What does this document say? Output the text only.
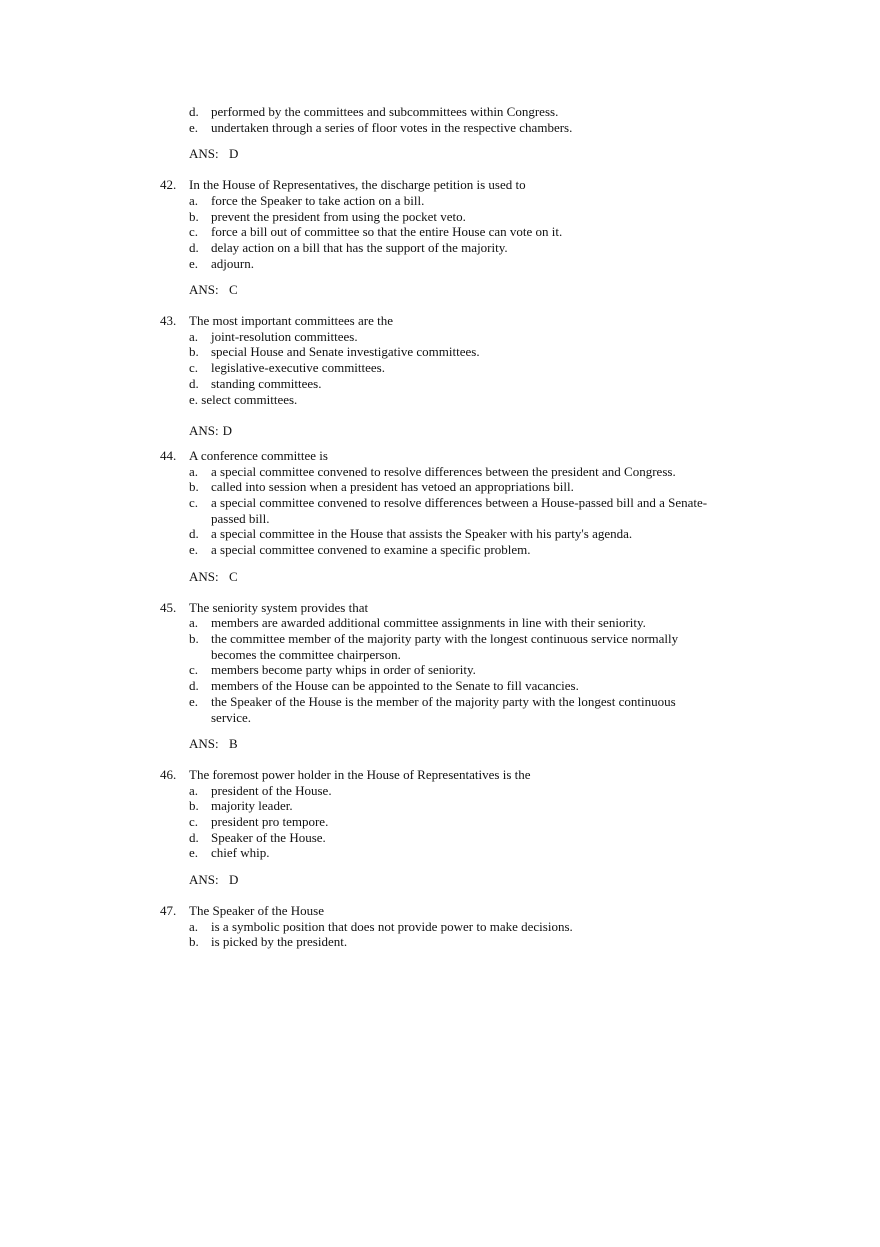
d. performed by the committees and subcommittees within Congress.
e. undertaken through a series of floor votes in the respective chambers.
ANS: D
42. In the House of Representatives, the discharge petition is used to
a. force the Speaker to take action on a bill.
b. prevent the president from using the pocket veto.
c. force a bill out of committee so that the entire House can vote on it.
d. delay action on a bill that has the support of the majority.
e. adjourn.
ANS: C
43. The most important committees are the
a. joint-resolution committees.
b. special House and Senate investigative committees.
c. legislative-executive committees.
d. standing committees.
e. select committees.
ANS: D
44. A conference committee is
a. a special committee convened to resolve differences between the president and Congress.
b. called into session when a president has vetoed an appropriations bill.
c. a special committee convened to resolve differences between a House-passed bill and a Senate-passed bill.
d. a special committee in the House that assists the Speaker with his party's agenda.
e. a special committee convened to examine a specific problem.
ANS: C
45. The seniority system provides that
a. members are awarded additional committee assignments in line with their seniority.
b. the committee member of the majority party with the longest continuous service normally becomes the committee chairperson.
c. members become party whips in order of seniority.
d. members of the House can be appointed to the Senate to fill vacancies.
e. the Speaker of the House is the member of the majority party with the longest continuous service.
ANS: B
46. The foremost power holder in the House of Representatives is the
a. president of the House.
b. majority leader.
c. president pro tempore.
d. Speaker of the House.
e. chief whip.
ANS: D
47. The Speaker of the House
a. is a symbolic position that does not provide power to make decisions.
b. is picked by the president.
